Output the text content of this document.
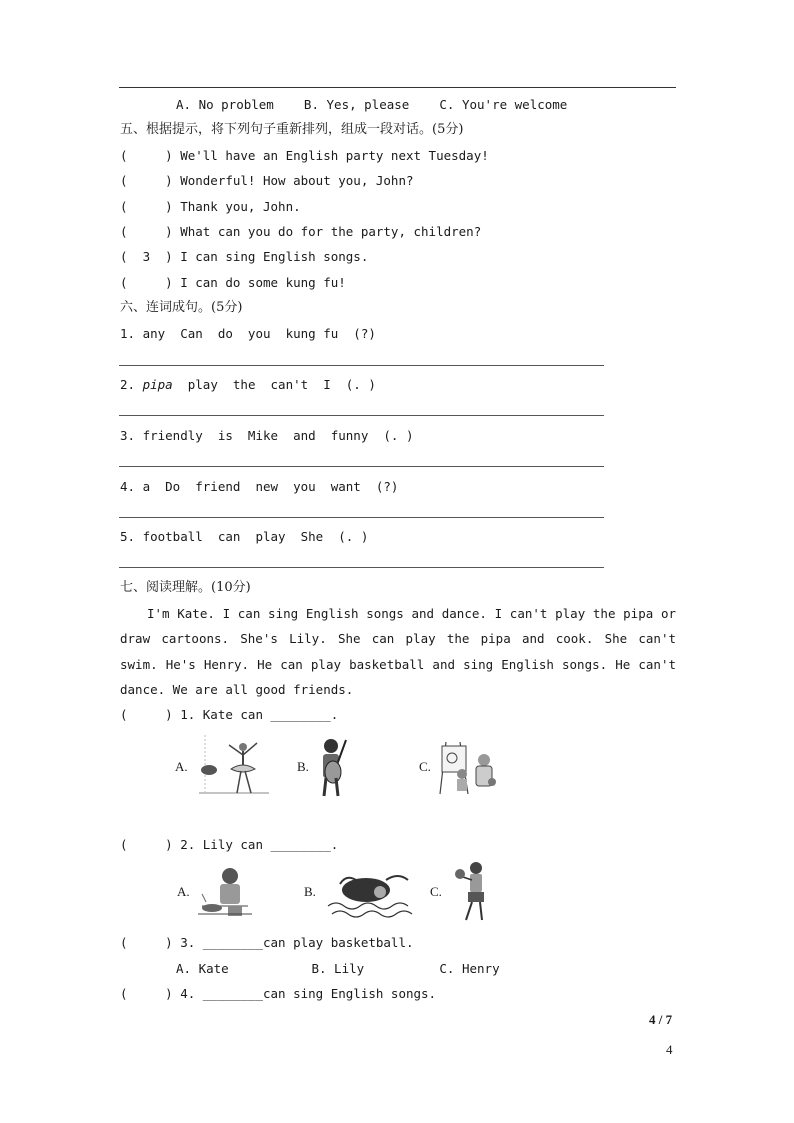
A. No problem    B. Yes, please    C. You're welcome
五、根据提示，将下列句子重新排列，组成一段对话。(5分)
(     ) We'll have an English party next Tuesday!
(     ) Wonderful! How about you, John?
(     ) Thank you, John.
(     ) What can you do for the party, children?
(  3  ) I can sing English songs.
(     ) I can do some kung fu!
六、连词成句。(5分)
1. any  Can  do  you  kung fu  (?)
2. pipa  play  the  can't  I  (. )
3. friendly  is  Mike  and  funny  (. )
4. a  Do  friend  new  you  want  (?)
5. football  can  play  She  (. )
七、阅读理解。(10分)
I'm Kate. I can sing English songs and dance. I can't play the pipa or draw cartoons. She's Lily. She can play the pipa and cook. She can't swim. He's Henry. He can play basketball and sing English songs. He can't dance. We are all good friends.
(     ) 1. Kate can ________.
A.	B.	C.
(     ) 2. Lily can ________.
A.	B.	C.
(     ) 3. ________can play basketball.
A. Kate           B. Lily          C. Henry
(     ) 4. ________can sing English songs.
4 / 7
4
